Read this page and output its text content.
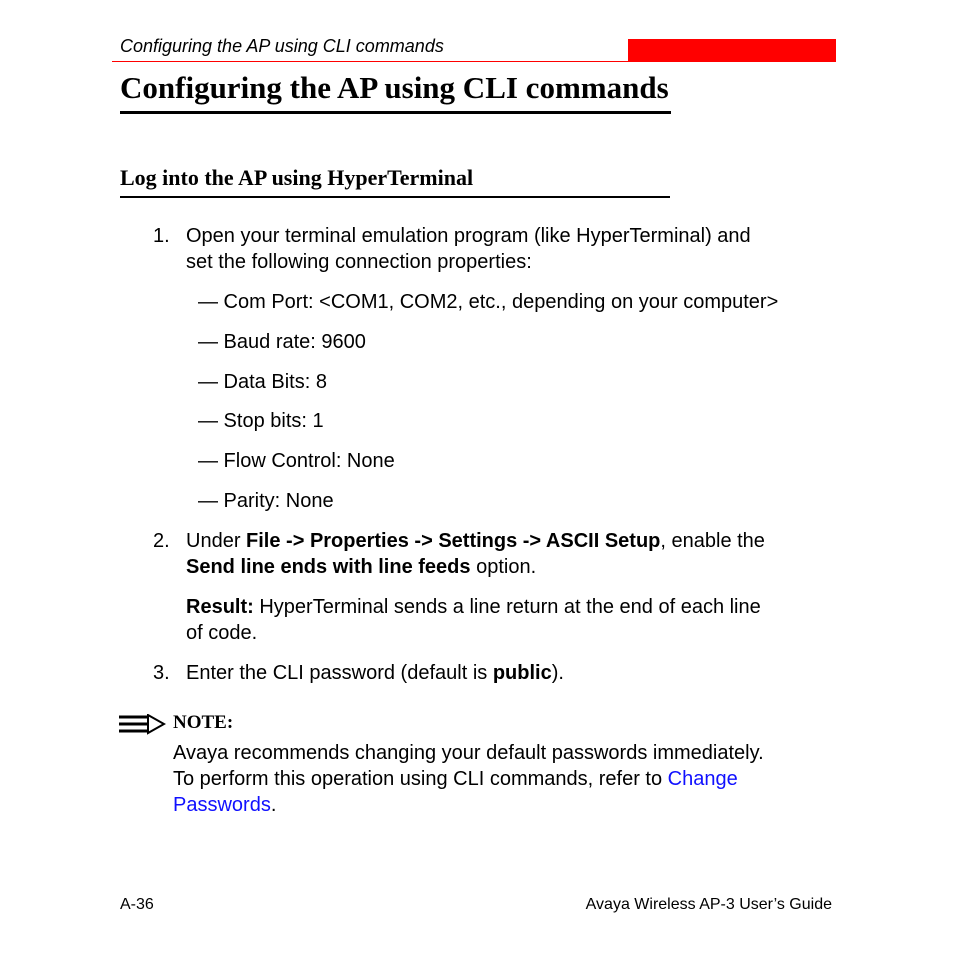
Configuring the AP using CLI commands
Configuring the AP using CLI commands
Log into the AP using HyperTerminal
1. Open your terminal emulation program (like HyperTerminal) and
set the following connection properties:
— Com Port: <COM1, COM2, etc., depending on your computer>
— Baud rate: 9600
— Data Bits: 8
— Stop bits: 1
— Flow Control: None
— Parity: None
2. Under File -> Properties -> Settings -> ASCII Setup, enable the
Send line ends with line feeds option.
Result: HyperTerminal sends a line return at the end of each line
of code.
3. Enter the CLI password (default is public).
NOTE:
Avaya recommends changing your default passwords immediately.
To perform this operation using CLI commands, refer to Change
Passwords.
A-36	Avaya Wireless AP-3 User’s Guide
